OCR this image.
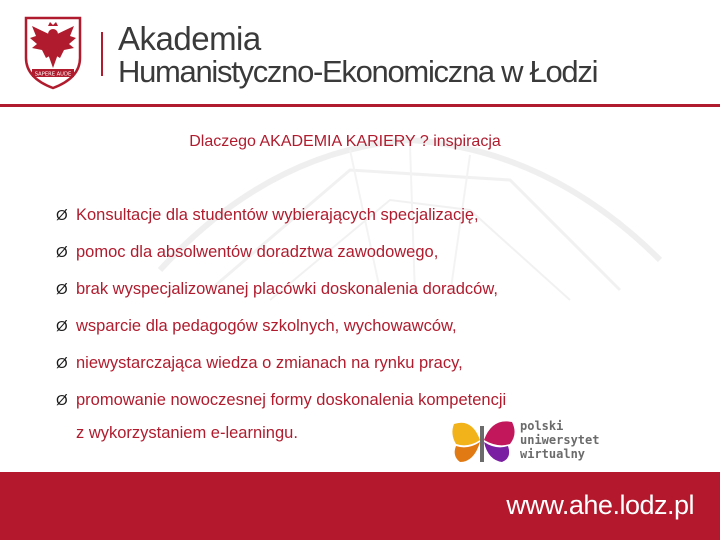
SAPERE AUDE
Akademia
Humanistyczno-Ekonomiczna w Łodzi
Dlaczego AKADEMIA KARIERY ? inspiracja
Ø Konsultacje dla studentów wybierających specjalizację,
Ø pomoc dla absolwentów doradztwa zawodowego,
Ø brak wyspecjalizowanej placówki doskonalenia doradców,
Ø wsparcie dla pedagogów szkolnych, wychowawców,
Ø niewystarczająca wiedza o zmianach na rynku pracy,
Ø promowanie nowoczesnej formy doskonalenia kompetencji
z wykorzystaniem e-learningu.	polski
uniwersytet
wirtualny
www.ahe.lodz.pl
